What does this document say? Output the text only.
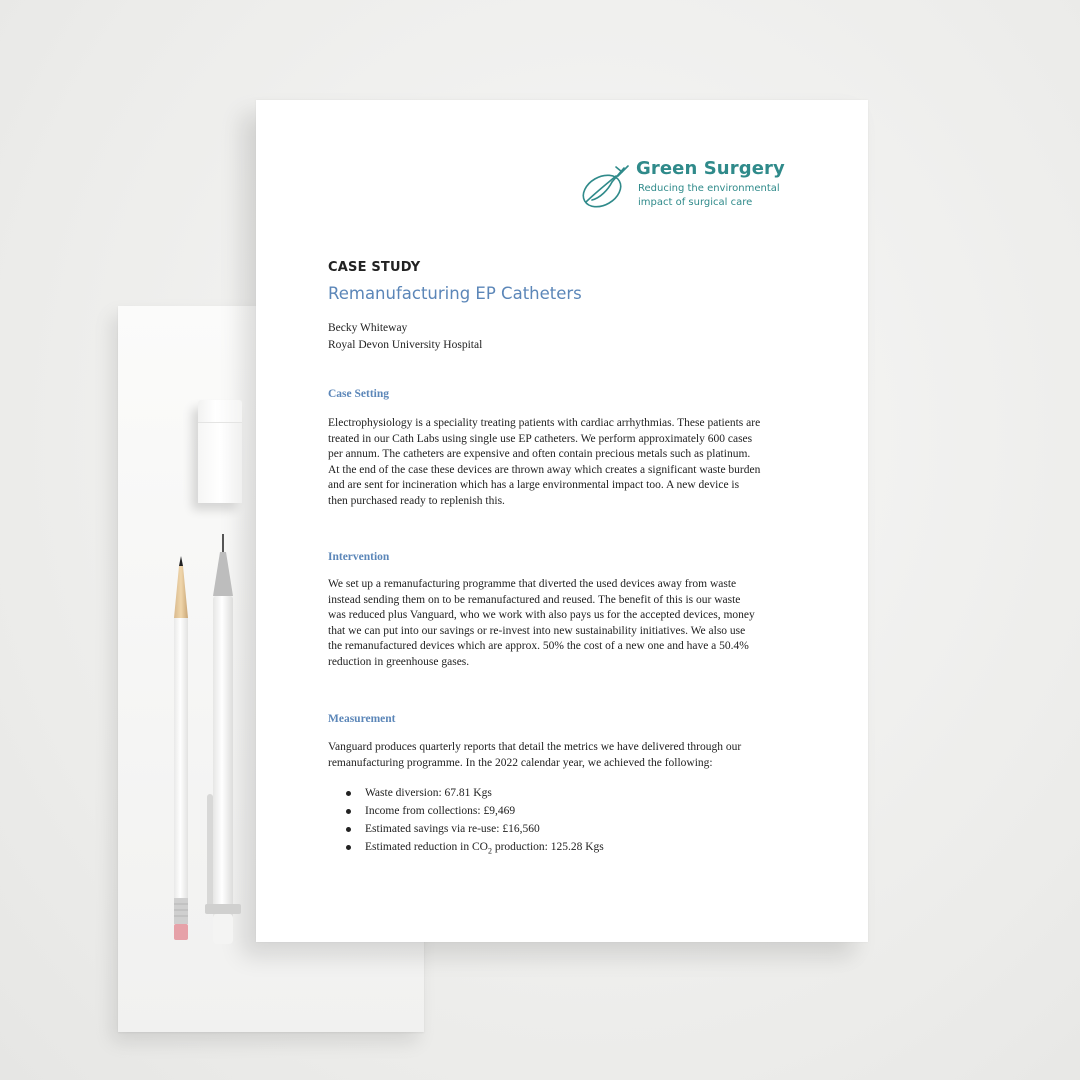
Green Surgery
Reducing the environmental impact of surgical care
CASE STUDY
Remanufacturing EP Catheters
Becky Whiteway
Royal Devon University Hospital
Case Setting

Electrophysiology is a speciality treating patients with cardiac arrhythmias. These patients are

treated in our Cath Labs using single use EP catheters. We perform approximately 600 cases

per annum. The catheters are expensive and often contain precious metals such as platinum.

At the end of the case these devices are thrown away which creates a significant waste burden

and are sent for incineration which has a large environmental impact too. A new device is

then purchased ready to replenish this.

Intervention

We set up a remanufacturing programme that diverted the used devices away from waste

instead sending them on to be remanufactured and reused. The benefit of this is our waste

was reduced plus Vanguard, who we work with also pays us for the accepted devices, money

that we can put into our savings or re-invest into new sustainability initiatives. We also use

the remanufactured devices which are approx. 50% the cost of a new one and have a 50.4%

reduction in greenhouse gases.

Measurement

Vanguard produces quarterly reports that detail the metrics we have delivered through our

remanufacturing programme. In the 2022 calendar year, we achieved the following:

Waste diversion: 67.81 Kgs
Income from collections: £9,469
Estimated savings via re-use: £16,560
Estimated reduction in $CO_2$ production: 125.28 Kgs
